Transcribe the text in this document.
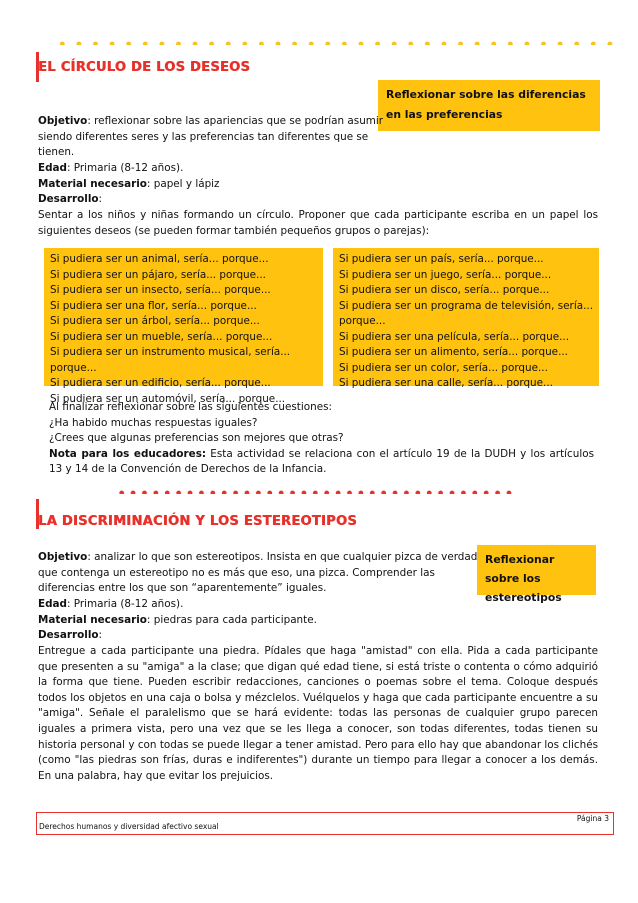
EL CÍRCULO DE LOS DESEOS
Reflexionar sobre las diferencias en las preferencias
Objetivo: reflexionar sobre las apariencias que se podrían asumir
siendo diferentes seres y las preferencias tan diferentes que se
tienen.
Edad: Primaria (8-12 años).
Material necesario: papel y lápiz
Desarrollo:
Sentar a los niños y niñas formando un círculo. Proponer que cada participante escriba en un papel los siguientes deseos (se pueden formar también pequeños grupos o parejas):
Si pudiera ser un animal, sería... porque...
Si pudiera ser un pájaro, sería... porque...
Si pudiera ser un insecto, sería... porque...
Si pudiera ser una flor, sería... porque...
Si pudiera ser un árbol, sería... porque...
Si pudiera ser un mueble, sería... porque...
Si pudiera ser un instrumento musical, sería... porque...
Si pudiera ser un edificio, sería... porque...
Si pudiera ser un automóvil, sería... porque...
Si pudiera ser un país, sería... porque...
Si pudiera ser un juego, sería... porque...
Si pudiera ser un disco, sería... porque...
Si pudiera ser un programa de televisión, sería... porque...
Si pudiera ser una película, sería... porque...
Si pudiera ser un alimento, sería... porque...
Si pudiera ser un color, sería... porque...
Si pudiera ser una calle, sería... porque...
Al finalizar reflexionar sobre las siguientes cuestiones:
¿Ha habido muchas respuestas iguales?
¿Crees que algunas preferencias son mejores que otras?
Nota para los educadores: Esta actividad se relaciona con el artículo 19 de la DUDH y los artículos 13 y 14 de la Convención de Derechos de la Infancia.
LA DISCRIMINACIÓN Y LOS ESTEREOTIPOS
Reflexionar sobre los estereotipos
Objetivo: analizar lo que son estereotipos. Insista en que cualquier pizca de verdad
que contenga un estereotipo no es más que eso, una pizca. Comprender las
diferencias entre los que son “aparentemente” iguales.
Edad: Primaria (8-12 años).
Material necesario: piedras para cada participante.
Desarrollo:
Entregue a cada participante una piedra. Pídales que haga "amistad" con ella. Pida a cada participante que presenten a su "amiga" a la clase; que digan qué edad tiene, si está triste o contenta o cómo adquirió la forma que tiene. Pueden escribir redacciones, canciones o poemas sobre el tema. Coloque después todos los objetos en una caja o bolsa y mézclelos. Vuélquelos y haga que cada participante encuentre a su "amiga". Señale el paralelismo que se hará evidente: todas las personas de cualquier grupo parecen iguales a primera vista, pero una vez que se les llega a conocer, son todas diferentes, todas tienen su historia personal y con todas se puede llegar a tener amistad. Pero para ello hay que abandonar los clichés (como "las piedras son frías, duras e indiferentes") durante un tiempo para llegar a conocer a los demás. En una palabra, hay que evitar los prejuicios.
Derechos humanos y diversidad afectivo sexual
Página 3
